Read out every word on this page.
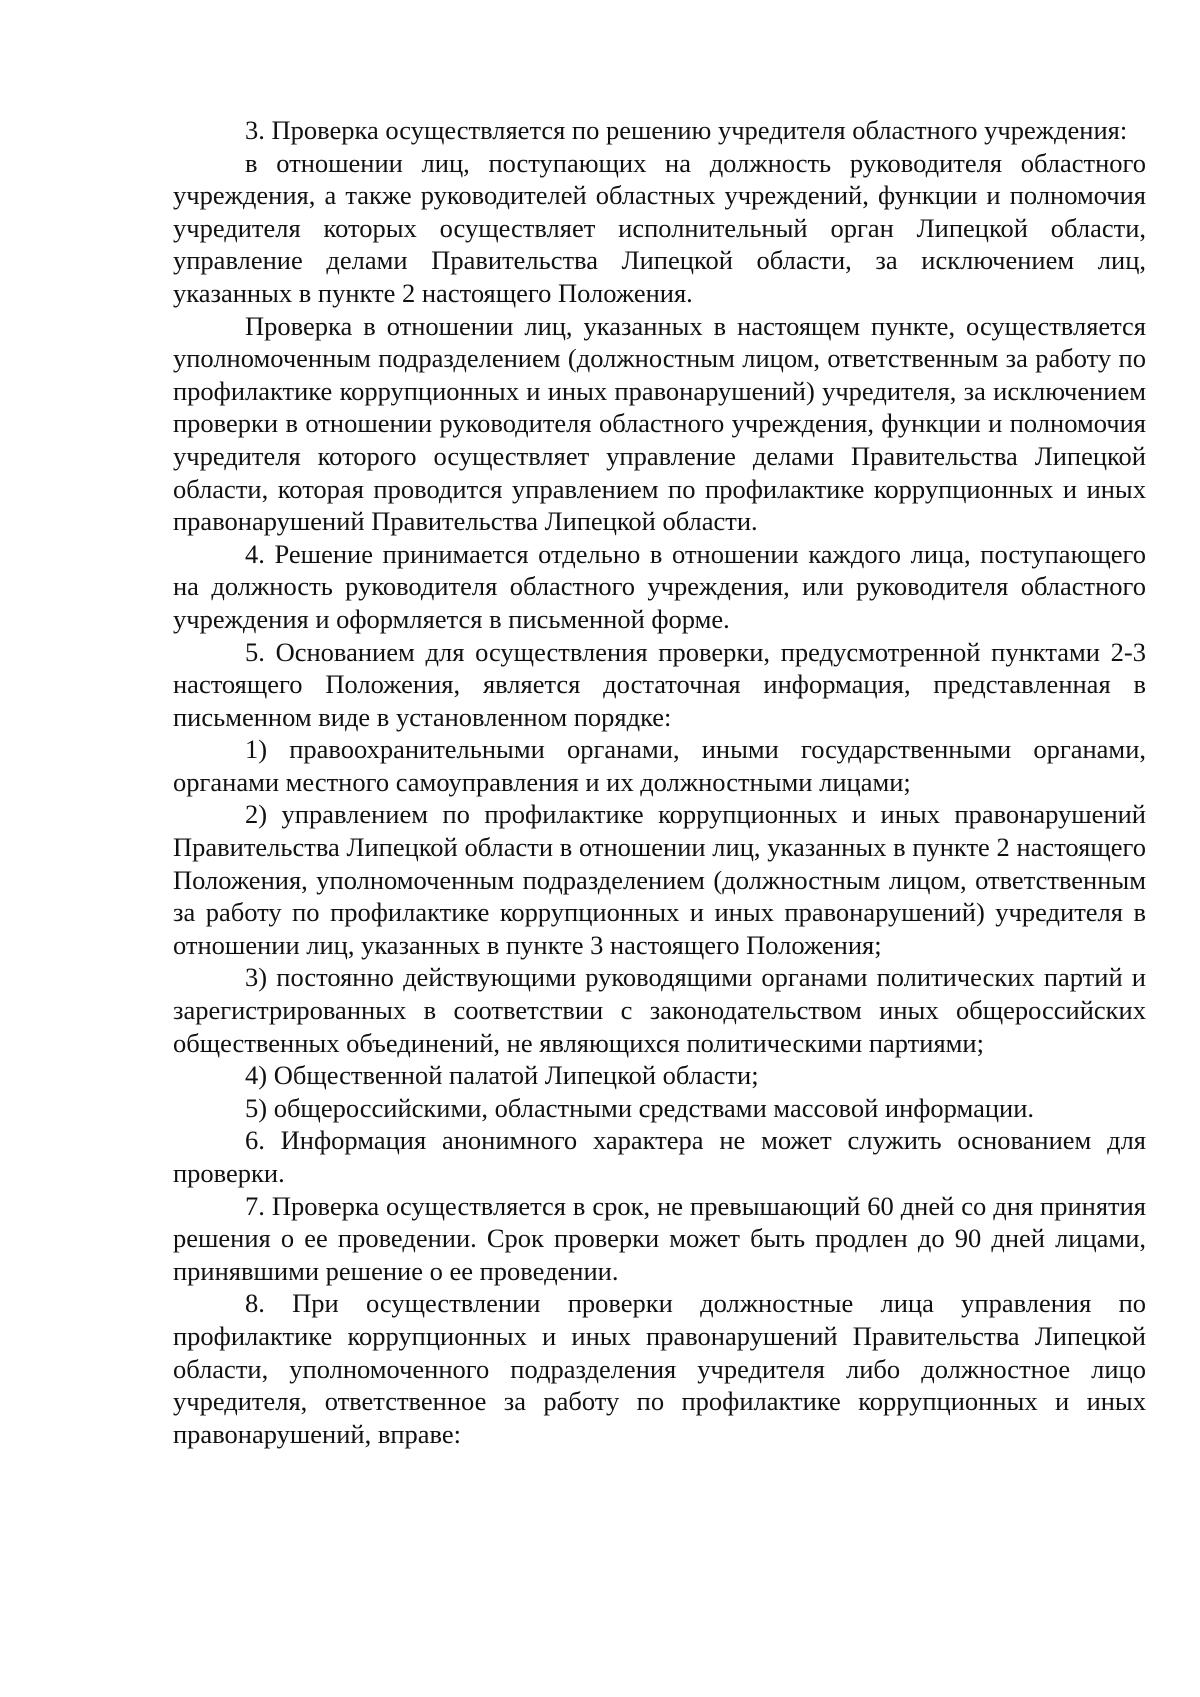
3. Проверка осуществляется по решению учредителя областного учреждения:

в отношении лиц, поступающих на должность руководителя областного учреждения, а также руководителей областных учреждений, функции и полномочия учредителя которых осуществляет исполнительный орган Липецкой области, управление делами Правительства Липецкой области, за исключением лиц, указанных в пункте 2 настоящего Положения.

Проверка в отношении лиц, указанных в настоящем пункте, осуществляется уполномоченным подразделением (должностным лицом, ответственным за работу по профилактике коррупционных и иных правонарушений) учредителя, за исключением проверки в отношении руководителя областного учреждения, функции и полномочия учредителя которого осуществляет управление делами Правительства Липецкой области, которая проводится управлением по профилактике коррупционных и иных правонарушений Правительства Липецкой области.

4. Решение принимается отдельно в отношении каждого лица, поступающего на должность руководителя областного учреждения, или руководителя областного учреждения и оформляется в письменной форме.

5. Основанием для осуществления проверки, предусмотренной пунктами 2-3 настоящего Положения, является достаточная информация, представленная в письменном виде в установленном порядке:

1) правоохранительными органами, иными государственными органами, органами местного самоуправления и их должностными лицами;

2) управлением по профилактике коррупционных и иных правонарушений Правительства Липецкой области в отношении лиц, указанных в пункте 2 настоящего Положения, уполномоченным подразделением (должностным лицом, ответственным за работу по профилактике коррупционных и иных правонарушений) учредителя в отношении лиц, указанных в пункте 3 настоящего Положения;

3) постоянно действующими руководящими органами политических партий и зарегистрированных в соответствии с законодательством иных общероссийских общественных объединений, не являющихся политическими партиями;

4) Общественной палатой Липецкой области;

5) общероссийскими, областными средствами массовой информации.

6. Информация анонимного характера не может служить основанием для проверки.

7. Проверка осуществляется в срок, не превышающий 60 дней со дня принятия решения о ее проведении. Срок проверки может быть продлен до 90 дней лицами, принявшими решение о ее проведении.

8. При осуществлении проверки должностные лица управления по профилактике коррупционных и иных правонарушений Правительства Липецкой области, уполномоченного подразделения учредителя либо должностное лицо учредителя, ответственное за работу по профилактике коррупционных и иных правонарушений, вправе:
